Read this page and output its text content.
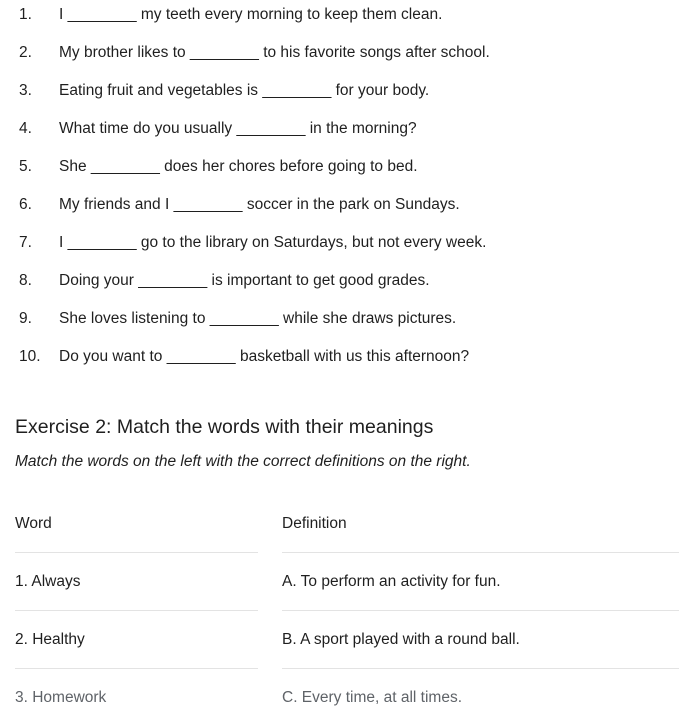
1. I ________ my teeth every morning to keep them clean.
2. My brother likes to ________ to his favorite songs after school.
3. Eating fruit and vegetables is ________ for your body.
4. What time do you usually ________ in the morning?
5. She ________ does her chores before going to bed.
6. My friends and I ________ soccer in the park on Sundays.
7. I ________ go to the library on Saturdays, but not every week.
8. Doing your ________ is important to get good grades.
9. She loves listening to ________ while she draws pictures.
10. Do you want to ________ basketball with us this afternoon?
Exercise 2: Match the words with their meanings
Match the words on the left with the correct definitions on the right.
Word	Definition
1. Always	A. To perform an activity for fun.
2. Healthy	B. A sport played with a round ball.
3. Homework	C. Every time, at all times.
